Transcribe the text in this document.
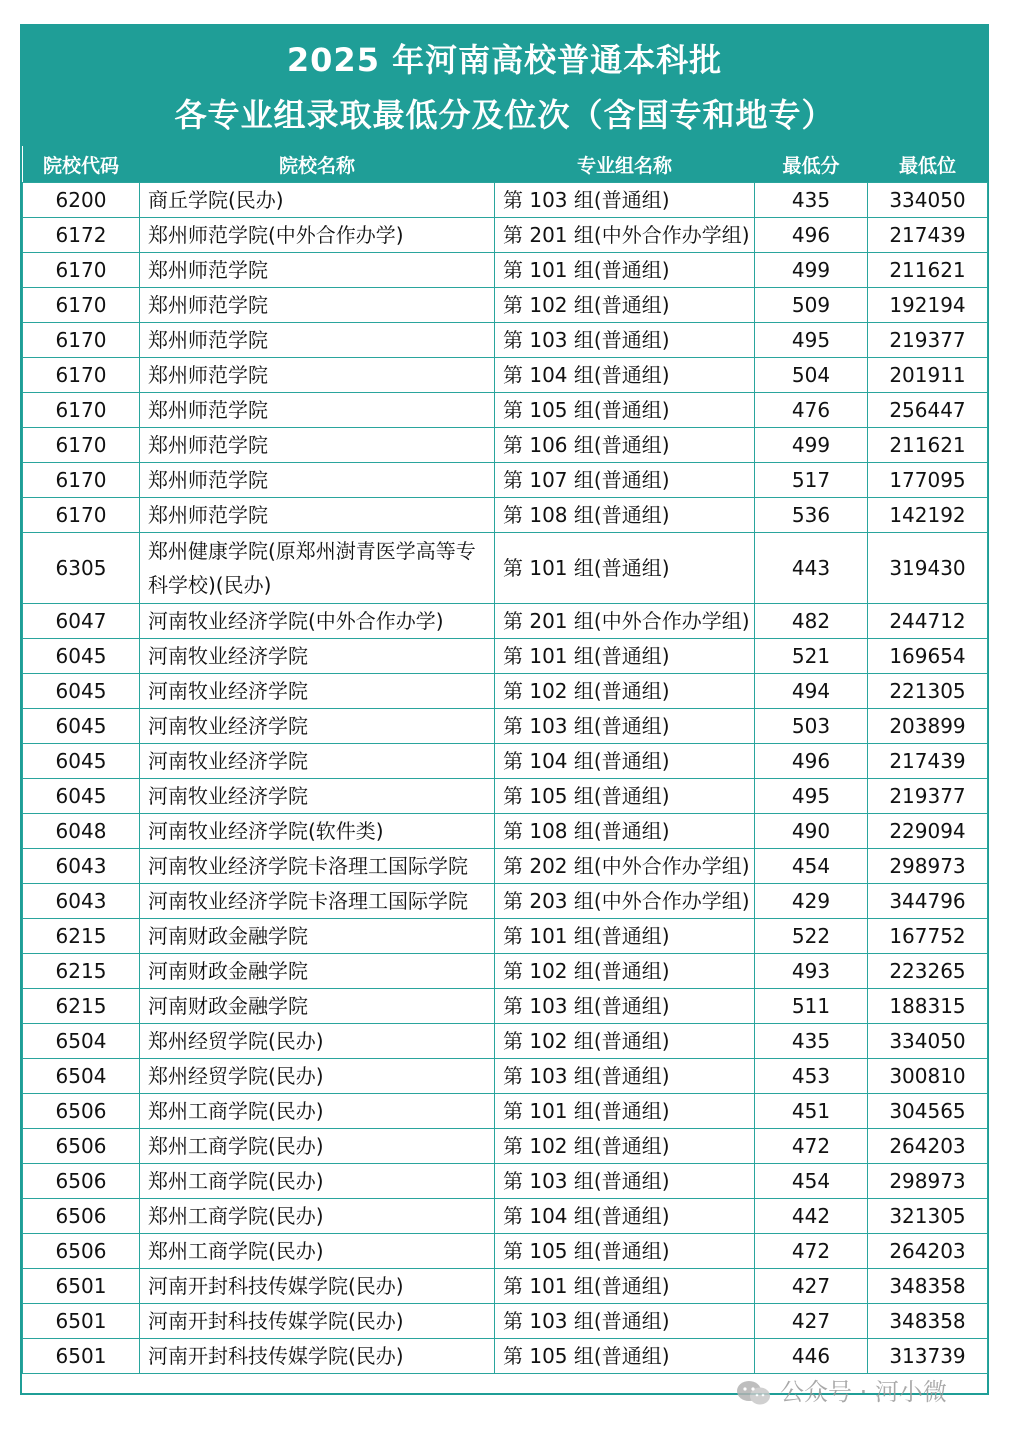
2025 年河南高校普通本科批
各专业组录取最低分及位次（含国专和地专）
院校代码	院校名称	专业组名称	最低分	最低位
6200	商丘学院(民办)	第 103 组(普通组)	435	334050
6172	郑州师范学院(中外合作办学)	第 201 组(中外合作办学组)	496	217439
6170	郑州师范学院	第 101 组(普通组)	499	211621
6170	郑州师范学院	第 102 组(普通组)	509	192194
6170	郑州师范学院	第 103 组(普通组)	495	219377
6170	郑州师范学院	第 104 组(普通组)	504	201911
6170	郑州师范学院	第 105 组(普通组)	476	256447
6170	郑州师范学院	第 106 组(普通组)	499	211621
6170	郑州师范学院	第 107 组(普通组)	517	177095
6170	郑州师范学院	第 108 组(普通组)	536	142192
6305	郑州健康学院(原郑州澍青医学高等专科学校)(民办)	第 101 组(普通组)	443	319430
6047	河南牧业经济学院(中外合作办学)	第 201 组(中外合作办学组)	482	244712
6045	河南牧业经济学院	第 101 组(普通组)	521	169654
6045	河南牧业经济学院	第 102 组(普通组)	494	221305
6045	河南牧业经济学院	第 103 组(普通组)	503	203899
6045	河南牧业经济学院	第 104 组(普通组)	496	217439
6045	河南牧业经济学院	第 105 组(普通组)	495	219377
6048	河南牧业经济学院(软件类)	第 108 组(普通组)	490	229094
6043	河南牧业经济学院卡洛理工国际学院	第 202 组(中外合作办学组)	454	298973
6043	河南牧业经济学院卡洛理工国际学院	第 203 组(中外合作办学组)	429	344796
6215	河南财政金融学院	第 101 组(普通组)	522	167752
6215	河南财政金融学院	第 102 组(普通组)	493	223265
6215	河南财政金融学院	第 103 组(普通组)	511	188315
6504	郑州经贸学院(民办)	第 102 组(普通组)	435	334050
6504	郑州经贸学院(民办)	第 103 组(普通组)	453	300810
6506	郑州工商学院(民办)	第 101 组(普通组)	451	304565
6506	郑州工商学院(民办)	第 102 组(普通组)	472	264203
6506	郑州工商学院(民办)	第 103 组(普通组)	454	298973
6506	郑州工商学院(民办)	第 104 组(普通组)	442	321305
6506	郑州工商学院(民办)	第 105 组(普通组)	472	264203
6501	河南开封科技传媒学院(民办)	第 101 组(普通组)	427	348358
6501	河南开封科技传媒学院(民办)	第 103 组(普通组)	427	348358
6501	河南开封科技传媒学院(民办)	第 105 组(普通组)	446	313739
公众号 · 河小微
